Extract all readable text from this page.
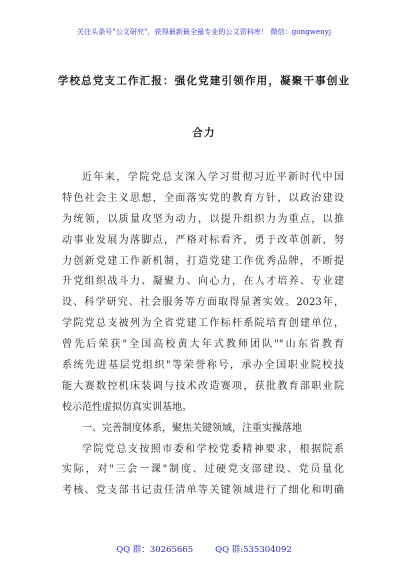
关注头条号"公文研究"，获得最新最全最专业的公文资料库！ 微信：gongwenyj
学校总党支工作汇报：强化党建引领作用，凝聚干事创业
合力
近年来，学院党总支深入学习贯彻习近平新时代中国
特色社会主义思想，全面落实党的教育方针，以政治建设
为统领，以质量攻坚为动力，以提升组织力为重点，以推
动事业发展为落脚点，严格对标看齐，勇于改革创新，努
力创新党建工作新机制，打造党建工作优秀品牌，不断提
升党组织战斗力、凝聚力、向心力，在人才培养、专业建
设、科学研究、社会服务等方面取得显著实效。2023年，
学院党总支被列为全省党建工作标杆系院培育创建单位，
曾先后荣获"全国高校黄大年式教师团队""山东省教育
系统先进基层党组织"等荣誉称号，承办全国职业院校技
能大赛数控机床装调与技术改造赛项，获批教育部职业院
校示范性虚拟仿真实训基地。
一、完善制度体系，聚焦关键领域，注重实操落地
学院党总支按照市委和学校党委精神要求，根据院系
实际，对"三会一课"制度、过硬党支部建设、党员量化
考核、党支部书记责任清单等关键领域进行了细化和明确
QQ 群：30265665	QQ 群:535304092
